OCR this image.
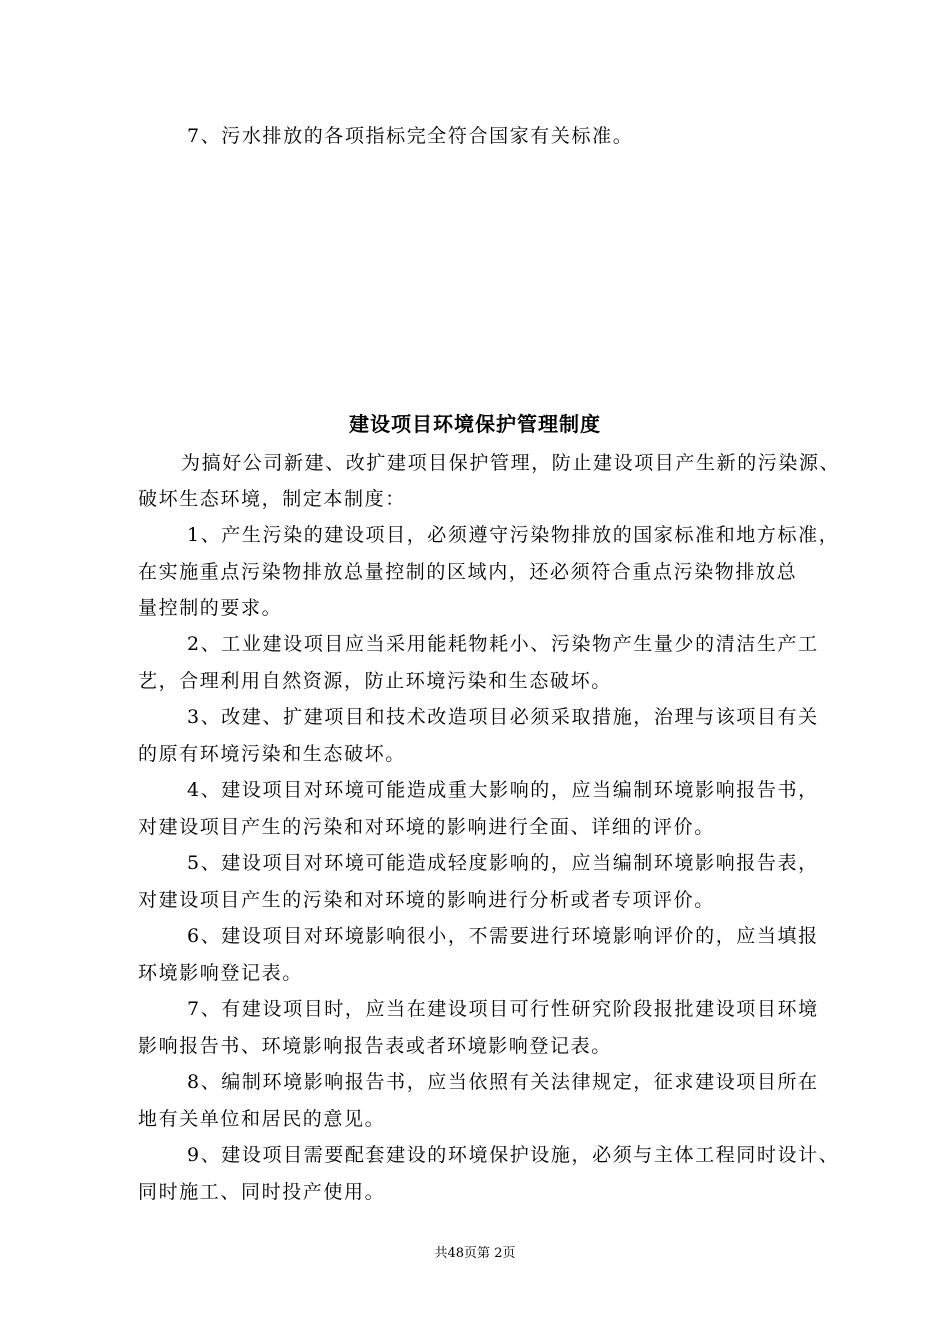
7、污水排放的各项指标完全符合国家有关标准。
建设项目环境保护管理制度
为搞好公司新建、改扩建项目保护管理，防止建设项目产生新的污染源、
破坏生态环境，制定本制度：
1、产生污染的建设项目，必须遵守污染物排放的国家标准和地方标准，
在实施重点污染物排放总量控制的区域内，还必须符合重点污染物排放总
量控制的要求。
2、工业建设项目应当采用能耗物耗小、污染物产生量少的清洁生产工
艺，合理利用自然资源，防止环境污染和生态破坏。
3、改建、扩建项目和技术改造项目必须采取措施，治理与该项目有关
的原有环境污染和生态破坏。
4、建设项目对环境可能造成重大影响的，应当编制环境影响报告书，
对建设项目产生的污染和对环境的影响进行全面、详细的评价。
5、建设项目对环境可能造成轻度影响的，应当编制环境影响报告表，
对建设项目产生的污染和对环境的影响进行分析或者专项评价。
6、建设项目对环境影响很小，不需要进行环境影响评价的，应当填报
环境影响登记表。
7、有建设项目时，应当在建设项目可行性研究阶段报批建设项目环境
影响报告书、环境影响报告表或者环境影响登记表。
8、编制环境影响报告书，应当依照有关法律规定，征求建设项目所在
地有关单位和居民的意见。
9、建设项目需要配套建设的环境保护设施，必须与主体工程同时设计、
同时施工、同时投产使用。
共48页第 2页
